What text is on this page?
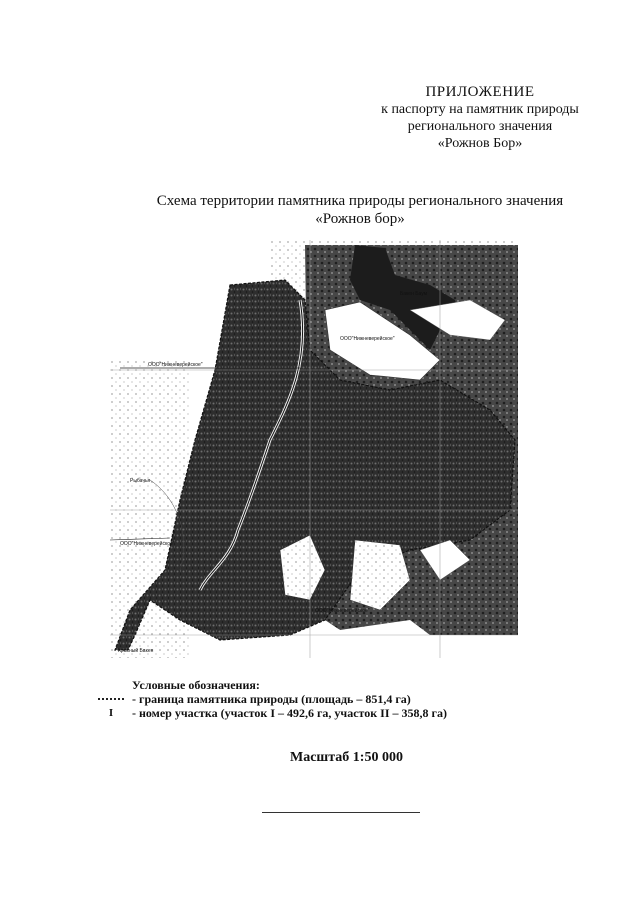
ПРИЛОЖЕНИЕ
к паспорту на памятник природы
регионального значения
«Рожнов Бор»
Схема территории памятника природы регионального значения
«Рожнов бор»
ООО"Нижневерейское"
ООО"Нижневерейское"
ООО"Нижневерейское"
ООО"Нижневерейское"
Красный Бакен
Бакен Баум
Рыбачья
Условные обозначения:
- граница памятника природы (площадь – 851,4 га)
I	- номер участка (участок I – 492,6 га, участок II – 358,8 га)
Масштаб 1:50 000
